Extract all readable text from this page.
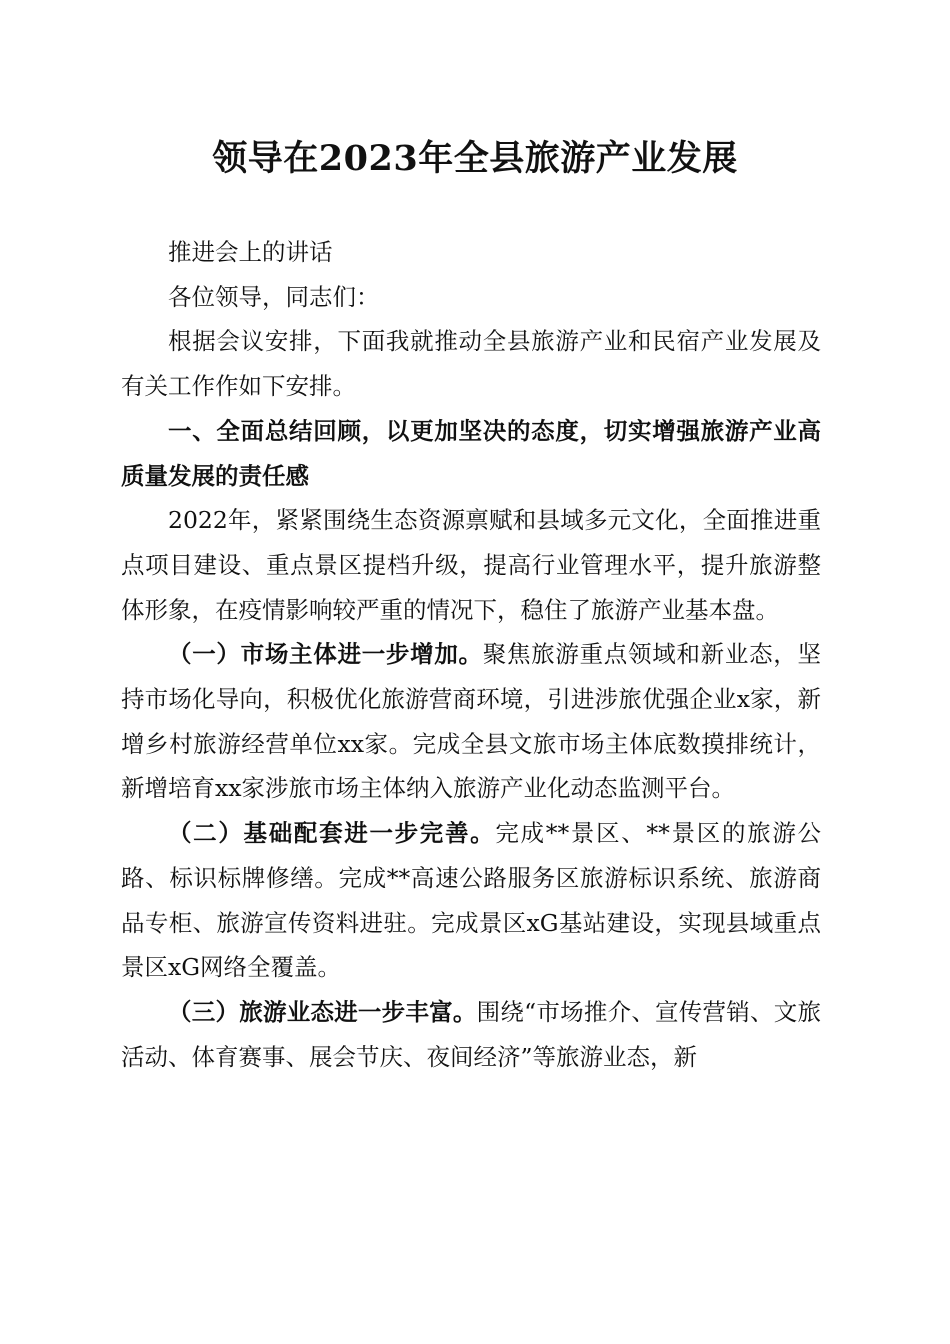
领导在2023年全县旅游产业发展

推进会上的讲话

各位领导，同志们：

根据会议安排，下面我就推动全县旅游产业和民宿产业发展及有关工作作如下安排。

一、全面总结回顾，以更加坚决的态度，切实增强旅游产业高质量发展的责任感

2022年，紧紧围绕生态资源禀赋和县域多元文化，全面推进重点项目建设、重点景区提档升级，提高行业管理水平，提升旅游整体形象，在疫情影响较严重的情况下，稳住了旅游产业基本盘。

（一）市场主体进一步增加。聚焦旅游重点领域和新业态，坚持市场化导向，积极优化旅游营商环境，引进涉旅优强企业x家，新增乡村旅游经营单位xx家。完成全县文旅市场主体底数摸排统计，新增培育xx家涉旅市场主体纳入旅游产业化动态监测平台。

（二）基础配套进一步完善。完成**景区、**景区的旅游公路、标识标牌修缮。完成**高速公路服务区旅游标识系统、旅游商品专柜、旅游宣传资料进驻。完成景区xG基站建设，实现县域重点景区xG网络全覆盖。

（三）旅游业态进一步丰富。围绕“市场推介、宣传营销、文旅活动、体育赛事、展会节庆、夜间经济”等旅游业态，新
